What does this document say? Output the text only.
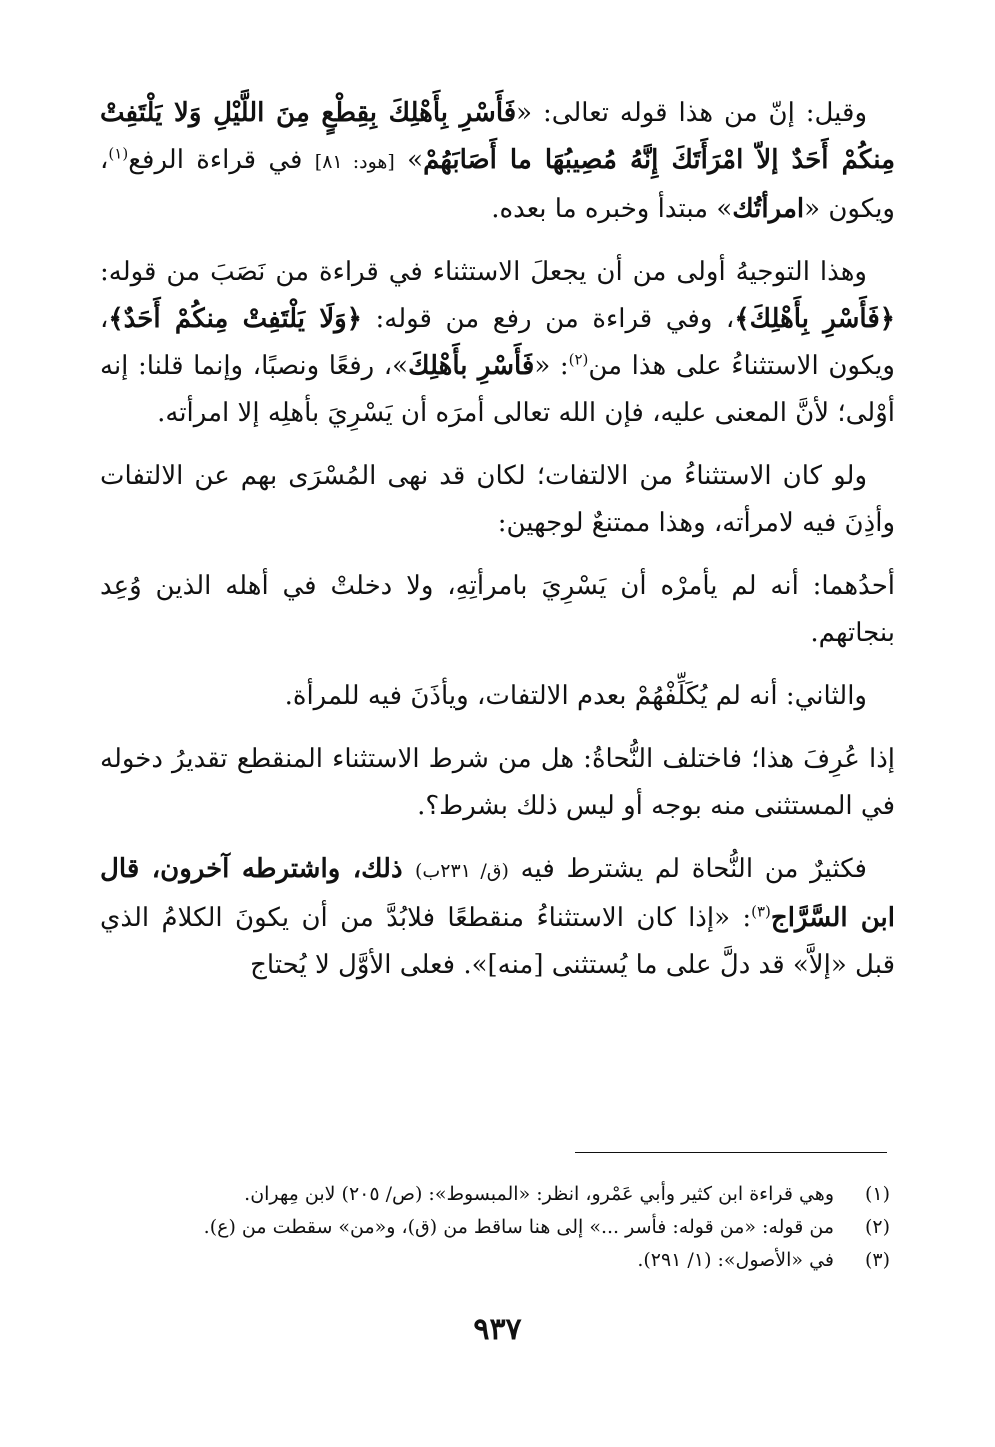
وقيل: إنّ من هذا قوله تعالى: «فَأَسْرِ بِأَهْلِكَ بِقِطْعٍ مِنَ اللَّيْلِ وَلا يَلْتَفِتْ مِنكُمْ أَحَدٌ إلاّ امْرَأَتَكَ إِنَّهُ مُصِيبُهَا ما أَصَابَهُمْ» [هود: ٨١] في قراءة الرفع$^{(١)}$، ويكون «امرأتُك» مبتدأ وخبره ما بعده.

وهذا التوجيهُ أولى من أن يجعلَ الاستثناء في قراءة من نَصَبَ من قوله: ﴿فَأَسْرِ بِأَهْلِكَ﴾، وفي قراءة من رفع من قوله: ﴿وَلَا يَلْتَفِتْ مِنكُمْ أَحَدٌ﴾، ويكون الاستثناءُ على هذا من$^{(٢)}$: «فَأَسْرِ بأَهْلِكَ»، رفعًا ونصبًا، وإنما قلنا: إنه أوْلى؛ لأنَّ المعنى عليه، فإن الله تعالى أمرَه أن يَسْرِيَ بأهلِه إلا امرأته.

ولو كان الاستثناءُ من الالتفات؛ لكان قد نهى المُسْرَى بهم عن الالتفات وأذِنَ فيه لامرأته، وهذا ممتنعٌ لوجهين:

أحدُهما: أنه لم يأمرْه أن يَسْرِيَ بامرأتِهِ، ولا دخلتْ في أهله الذين وُعِد بنجاتهم.

والثاني: أنه لم يُكَلِّفْهُمْ بعدم الالتفات، ويأذَنَ فيه للمرأة.

إذا عُرِفَ هذا؛ فاختلف النُّحاةُ: هل من شرط الاستثناء المنقطع تقديرُ دخوله في المستثنى منه بوجه أو ليس ذلك بشرط؟.

فكثيرٌ من النُّحاة لم يشترط فيه (ق/ ٢٣١ب) ذلك، واشترطه آخرون، قال ابن السَّرَّاج$^{(٣)}$: «إذا كان الاستثناءُ منقطعًا فلابُدَّ من أن يكونَ الكلامُ الذي قبل «إلاَّ» قد دلَّ على ما يُستثنى [منه]». فعلى الأوَّل لا يُحتاج

(١)
وهي قراءة ابن كثير وأبي عَمْرو، انظر: «المبسوط»: (ص/ ٢٠٥) لابن مِهران.
(٢)
من قوله: «من قوله: فأسر ...» إلى هنا ساقط من (ق)، و«من» سقطت من (ع).
(٣)
في «الأصول»: (١/ ٢٩١).
٩٣٧
